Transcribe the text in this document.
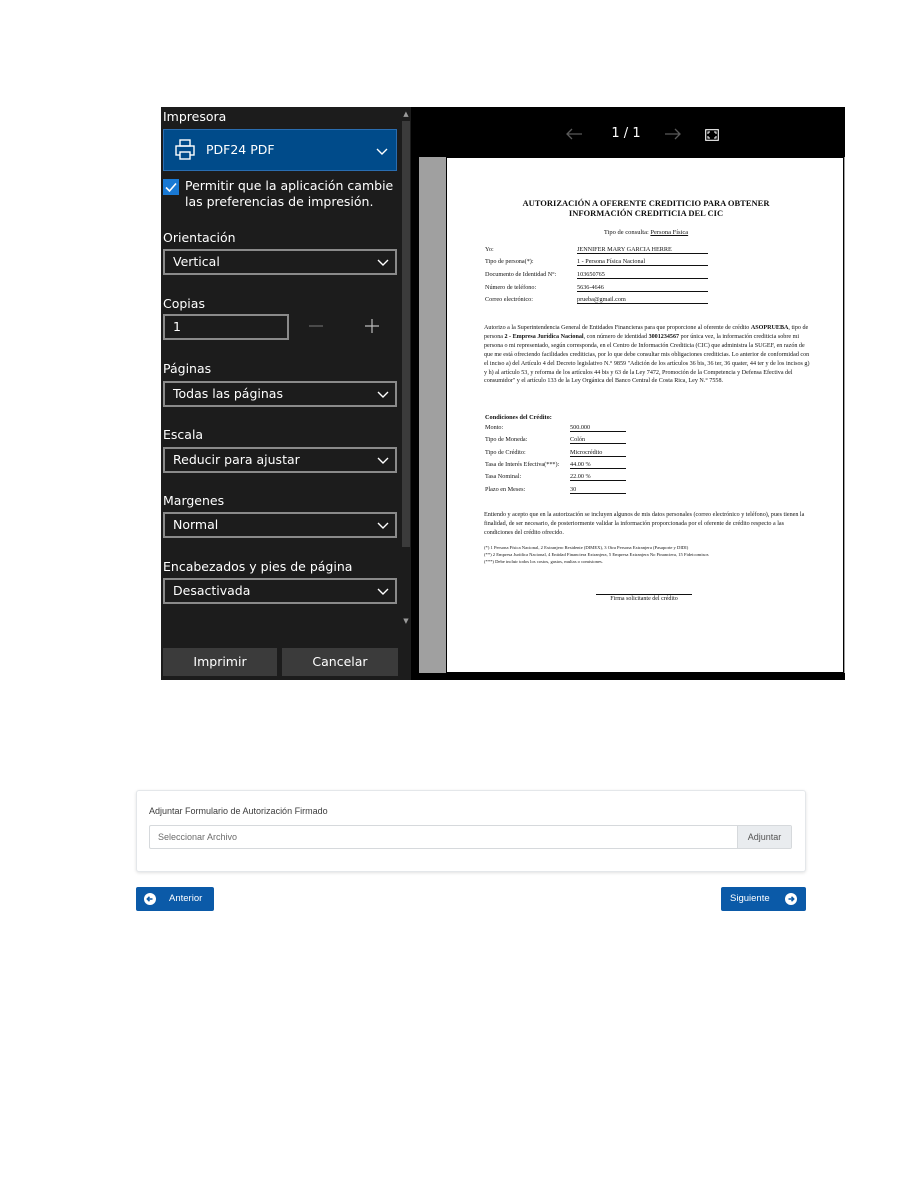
Impresora
PDF24 PDF
Permitir que la aplicación cambie las preferencias de impresión.
Orientación
Vertical
Copias
1
Páginas
Todas las páginas
Escala
Reducir para ajustar
Margenes
Normal
Encabezados y pies de página
Desactivada
▲
▼
Imprimir	Cancelar
1 / 1
AUTORIZACIÓN A OFERENTE CREDITICIO PARA OBTENER
INFORMACIÓN CREDITICIA DEL CIC
Tipo de consulta: Persona Física
Yo:	JENNIFER MARY GARCIA HERRE
Tipo de persona(*):	1 - Persona Física Nacional
Documento de Identidad N°:	103650765
Número de teléfono:	5636-4646
Correo electrónico:	prueba@gmail.com
Autorizo a la Superintendencia General de Entidades Financieras para que proporcione al oferente de crédito ASOPRUEBA, tipo de persona 2 - Empresa Jurídica Nacional, con número de identidad 3001234567 por única vez, la información crediticia sobre mi persona o mi representado, según corresponda, en el Centro de Información Crediticia (CIC) que administra la SUGEF, en razón de que me está ofreciendo facilidades crediticias, por lo que debe consultar mis obligaciones crediticias. Lo anterior de conformidad con el inciso a) del Artículo 4 del Decreto legislativo N.° 9859 "Adición de los artículos 36 bis, 36 ter, 36 quater, 44 ter y de los incisos g) y h) al artículo 53, y reforma de los artículos 44 bis y 63 de la Ley 7472, Promoción de la Competencia y Defensa Efectiva del consumidor" y el artículo 133 de la Ley Orgánica del Banco Central de Costa Rica, Ley N.° 7558.
Condiciones del Crédito:
Monto:	500.000
Tipo de Moneda:	Colón
Tipo de Crédito:	Microcrédito
Tasa de Interés Efectiva(***): 44.00 %
Tasa Nominal:	22.00 %
Plazo en Meses:	30
Entiendo y acepto que en la autorización se incluyen algunos de mis datos personales (correo electrónico y teléfono), pues tienen la finalidad, de ser necesario, de posteriormente validar la información proporcionada por el oferente de crédito respecto a las condiciones del crédito ofrecido.
(*) 1 Persona Física Nacional, 2 Extranjero Residente (DIMEX), 3 Otra Persona Extranjera (Pasaporte y DIDI)
(**) 2 Empresa Jurídica Nacional, 4 Entidad Financiera Extranjera, 5 Empresa Extranjera No Financiera, 15 Fideicomisos
(***) Debe incluir todos los costos, gastos, multas o comisiones.
Firma solicitante del crédito
Adjuntar Formulario de Autorización Firmado
Seleccionar Archivo	Adjuntar
Anterior	Siguiente
